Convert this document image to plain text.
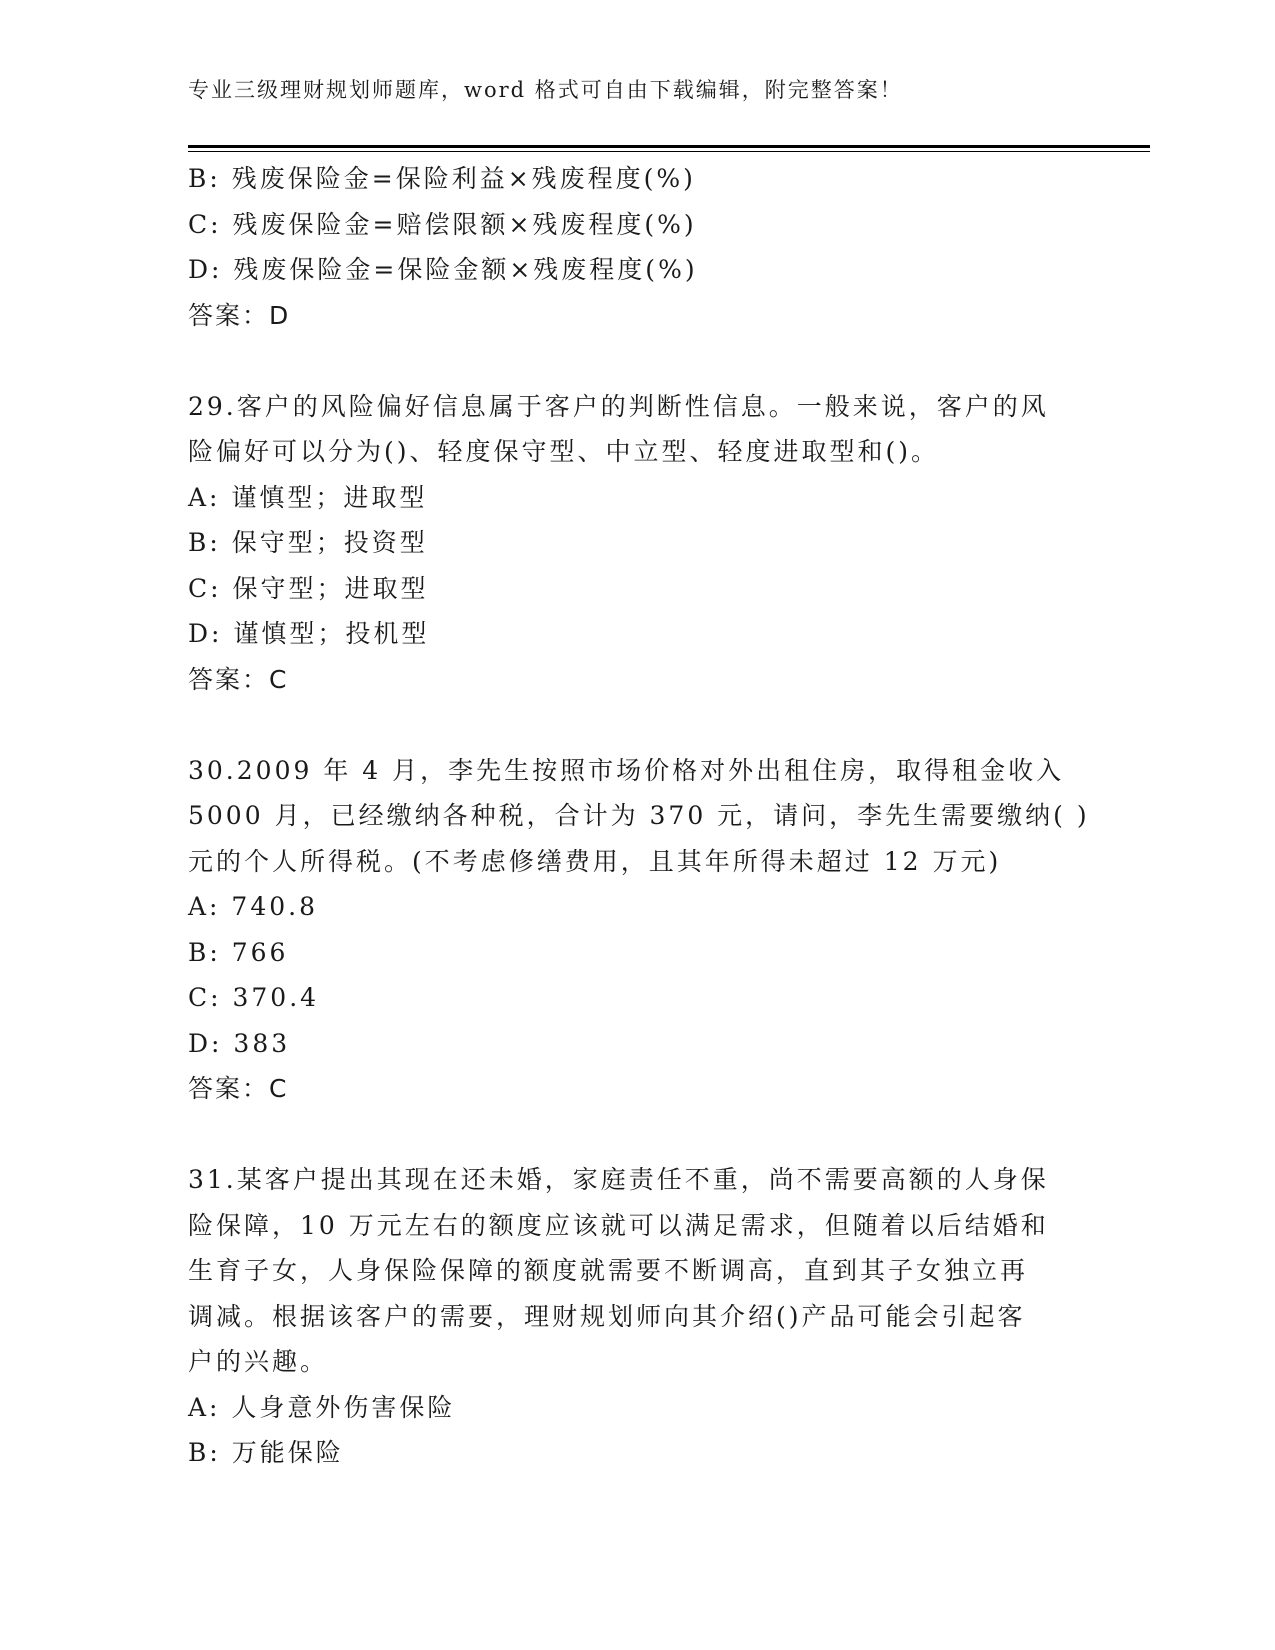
专业三级理财规划师题库，word 格式可自由下载编辑，附完整答案！
B: 残废保险金=保险利益×残废程度(%)
C: 残废保险金=赔偿限额×残废程度(%)
D: 残废保险金=保险金额×残废程度(%)
答案：D
29.客户的风险偏好信息属于客户的判断性信息。一般来说，客户的风
险偏好可以分为()、轻度保守型、中立型、轻度进取型和()。
A: 谨慎型；进取型
B: 保守型；投资型
C: 保守型；进取型
D: 谨慎型；投机型
答案：C
30.2009 年 4 月，李先生按照市场价格对外出租住房，取得租金收入
5000 月，已经缴纳各种税，合计为 370 元，请问，李先生需要缴纳( )
元的个人所得税。(不考虑修缮费用，且其年所得未超过 12 万元)
A: 740.8
B: 766
C: 370.4
D: 383
答案：C
31.某客户提出其现在还未婚，家庭责任不重，尚不需要高额的人身保
险保障，10 万元左右的额度应该就可以满足需求，但随着以后结婚和
生育子女，人身保险保障的额度就需要不断调高，直到其子女独立再
调减。根据该客户的需要，理财规划师向其介绍()产品可能会引起客
户的兴趣。
A: 人身意外伤害保险
B: 万能保险
